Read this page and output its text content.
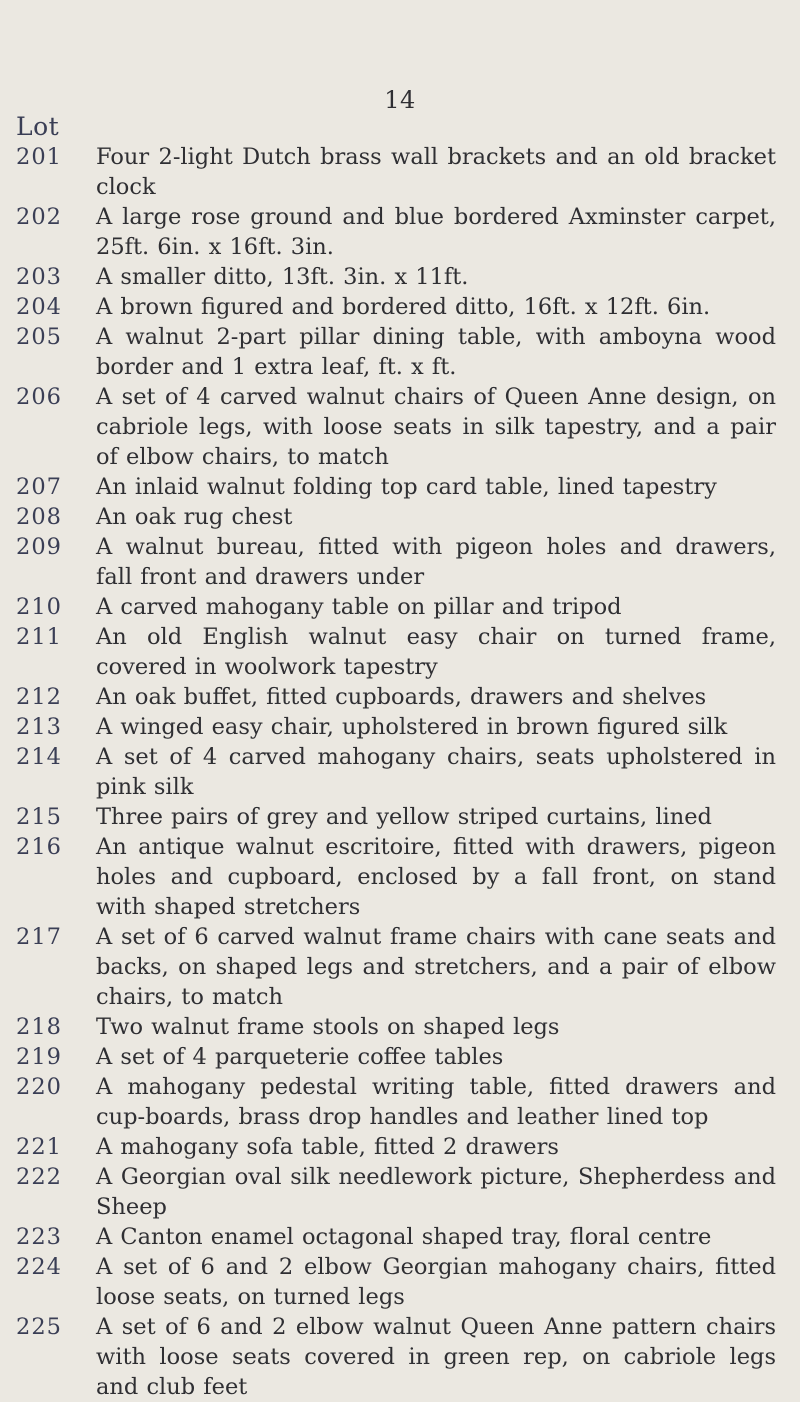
14
Lot
201 Four 2-light Dutch brass wall brackets and an old bracket clock
202 A large rose ground and blue bordered Axminster carpet, 25ft. 6in. x 16ft. 3in.
203 A smaller ditto, 13ft. 3in. x 11ft.
204 A brown figured and bordered ditto, 16ft. x 12ft. 6in.
205 A walnut 2-part pillar dining table, with amboyna wood border and 1 extra leaf, ft. x ft.
206 A set of 4 carved walnut chairs of Queen Anne design, on cabriole legs, with loose seats in silk tapestry, and a pair of elbow chairs, to match
207 An inlaid walnut folding top card table, lined tapestry
208 An oak rug chest
209 A walnut bureau, fitted with pigeon holes and drawers, fall front and drawers under
210 A carved mahogany table on pillar and tripod
211 An old English walnut easy chair on turned frame, covered in woolwork tapestry
212 An oak buffet, fitted cupboards, drawers and shelves
213 A winged easy chair, upholstered in brown figured silk
214 A set of 4 carved mahogany chairs, seats upholstered in pink silk
215 Three pairs of grey and yellow striped curtains, lined
216 An antique walnut escritoire, fitted with drawers, pigeon holes and cupboard, enclosed by a fall front, on stand with shaped stretchers
217 A set of 6 carved walnut frame chairs with cane seats and backs, on shaped legs and stretchers, and a pair of elbow chairs, to match
218 Two walnut frame stools on shaped legs
219 A set of 4 parqueterie coffee tables
220 A mahogany pedestal writing table, fitted drawers and cup-boards, brass drop handles and leather lined top
221 A mahogany sofa table, fitted 2 drawers
222 A Georgian oval silk needlework picture, Shepherdess and Sheep
223 A Canton enamel octagonal shaped tray, floral centre
224 A set of 6 and 2 elbow Georgian mahogany chairs, fitted loose seats, on turned legs
225 A set of 6 and 2 elbow walnut Queen Anne pattern chairs with loose seats covered in green rep, on cabriole legs and club feet
